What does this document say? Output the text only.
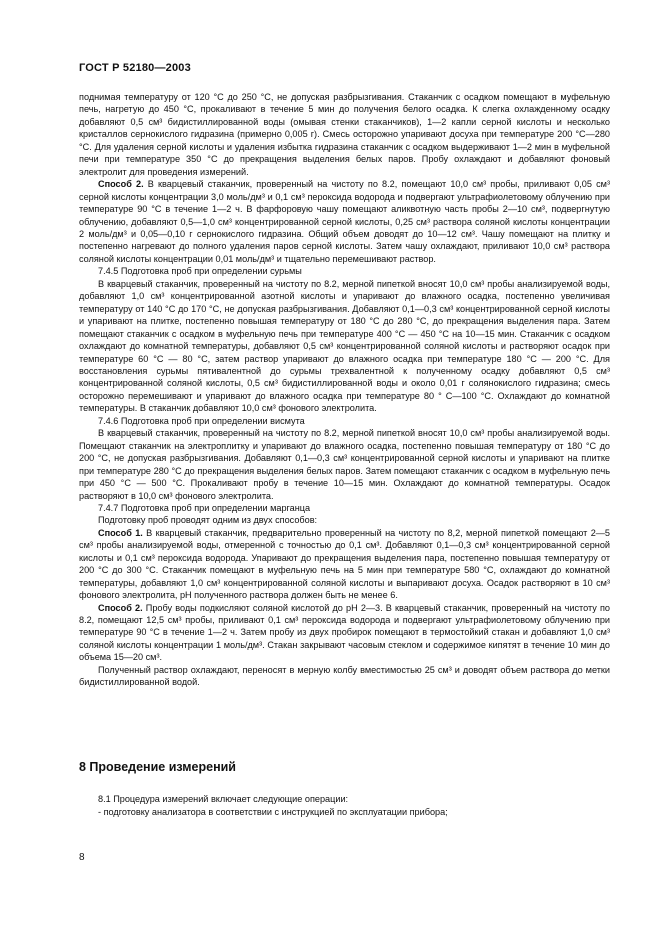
ГОСТ Р 52180—2003

поднимая температуру от 120 °С до 250 °С, не допуская разбрызгивания. Стаканчик с осадком помещают в муфельную печь, нагретую до 450 °С, прокаливают в течение 5 мин до получения белого осадка. К слегка охлажденному осадку добавляют 0,5 см³ бидистиллированной воды (омывая стенки стаканчиков), 1—2 капли серной кислоты и несколько кристаллов сернокислого гидразина (примерно 0,005 г). Смесь осторожно упаривают досуха при температуре 200 °С—280 °С. Для удаления серной кислоты и удаления избытка гидразина стаканчик с осадком выдерживают 1—2 мин в муфельной печи при температуре 350 °С до прекращения выделения белых паров. Пробу охлаждают и добавляют фоновый электролит для проведения измерений.

Способ 2. В кварцевый стаканчик, проверенный на чистоту по 8.2, помещают 10,0 см³ пробы, приливают 0,05 см³ серной кислоты концентрации 3,0 моль/дм³ и 0,1 см³ пероксида водорода и подвергают ультрафиолетовому облучению при температуре 90 °С в течение 1—2 ч. В фарфоровую чашу помещают аликвотную часть пробы 2—10 см³, подвергнутую облучению, добавляют 0,5—1,0 см³ концентрированной серной кислоты, 0,25 см³ раствора соляной кислоты концентрации 2 моль/дм³ и 0,05—0,10 г сернокислого гидразина. Общий объем доводят до 10—12 см³. Чашу помещают на плитку и постепенно нагревают до полного удаления паров серной кислоты. Затем чашу охлаждают, приливают 10,0 см³ раствора соляной кислоты концентрации 0,01 моль/дм³ и тщательно перемешивают раствор.

7.4.5 Подготовка проб при определении сурьмы

В кварцевый стаканчик, проверенный на чистоту по 8.2, мерной пипеткой вносят 10,0 см³ пробы анализируемой воды, добавляют 1,0 см³ концентрированной азотной кислоты и упаривают до влажного осадка, постепенно увеличивая температуру от 140 °С до 170 °С, не допуская разбрызгивания. Добавляют 0,1—0,3 см³ концентрированной серной кислоты и упаривают на плитке, постепенно повышая температуру от 180 °С до 280 °С, до прекращения выделения пара. Затем помещают стаканчик с осадком в муфельную печь при температуре 400 °С — 450 °С на 10—15 мин. Стаканчик с осадком охлаждают до комнатной температуры, добавляют 0,5 см³ концентрированной соляной кислоты и растворяют осадок при температуре 60 °С — 80 °С, затем раствор упаривают до влажного осадка при температуре 180 °С — 200 °С. Для восстановления сурьмы пятивалентной до сурьмы трехвалентной к полученному осадку добавляют 0,5 см³ концентрированной соляной кислоты, 0,5 см³ бидистиллированной воды и около 0,01 г солянокислого гидразина; смесь осторожно перемешивают и упаривают до влажного осадка при температуре 80 ° С—100 °С. Охлаждают до комнатной температуры. В стаканчик добавляют 10,0 см³ фонового электролита.

7.4.6 Подготовка проб при определении висмута

В кварцевый стаканчик, проверенный на чистоту по 8.2, мерной пипеткой вносят 10,0 см³ пробы анализируемой воды. Помещают стаканчик на электроплитку и упаривают до влажного осадка, постепенно повышая температуру от 180 °С до 200 °С, не допуская разбрызгивания. Добавляют 0,1—0,3 см³ концентрированной серной кислоты и упаривают на плитке при температуре 280 °С до прекращения выделения белых паров. Затем помещают стаканчик с осадком в муфельную печь при 450 °С — 500 °С. Прокаливают пробу в течение 10—15 мин. Охлаждают до комнатной температуры. Осадок растворяют в 10,0 см³ фонового электролита.

7.4.7 Подготовка проб при определении марганца

Подготовку проб проводят одним из двух способов:

Способ 1. В кварцевый стаканчик, предварительно проверенный на чистоту по 8,2, мерной пипеткой помещают 2—5 см³ пробы анализируемой воды, отмеренной с точностью до 0,1 см³. Добавляют 0,1—0,3 см³ концентрированной серной кислоты и 0,1 см³ пероксида водорода. Упаривают до прекращения выделения пара, постепенно повышая температуру от 200 °С до 300 °С. Стаканчик помещают в муфельную печь на 5 мин при температуре 580 °С, охлаждают до комнатной температуры, добавляют 1,0 см³ концентрированной соляной кислоты и выпаривают досуха. Осадок растворяют в 10 см³ фонового электролита, рН полученного раствора должен быть не менее 6.

Способ 2. Пробу воды подкисляют соляной кислотой до рН 2—3. В кварцевый стаканчик, проверенный на чистоту по 8.2, помещают 12,5 см³ пробы, приливают 0,1 см³ пероксида водорода и подвергают ультрафиолетовому облучению при температуре 90 °С в течение 1—2 ч. Затем пробу из двух пробирок помещают в термостойкий стакан и добавляют 1,0 см³ соляной кислоты концентрации 1 моль/дм³. Стакан закрывают часовым стеклом и содержимое кипятят в течение 10 мин до объема 15—20 см³.

Полученный раствор охлаждают, переносят в мерную колбу вместимостью 25 см³ и доводят объем раствора до метки бидистиллированной водой.

8 Проведение измерений

8.1 Процедура измерений включает следующие операции:

- подготовку анализатора в соответствии с инструкцией по эксплуатации прибора;

8
